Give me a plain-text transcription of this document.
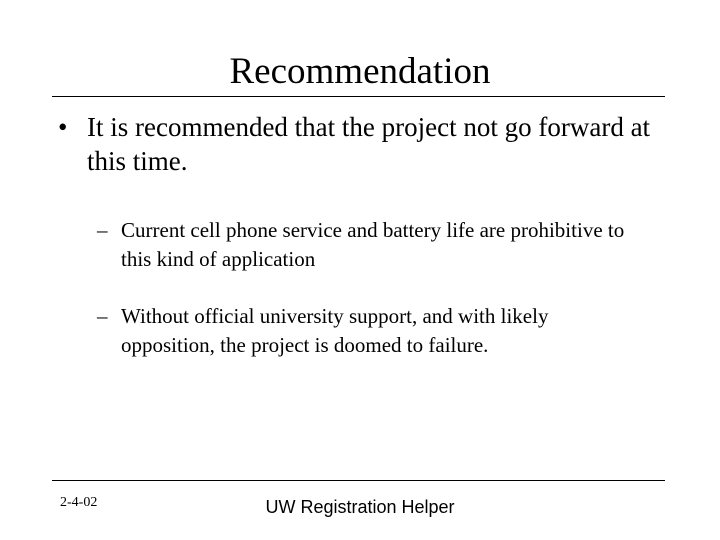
Recommendation
• It is recommended that the project not go forward at this time.
– Current cell phone service and battery life are prohibitive to this kind of application
– Without official university support, and with likely opposition, the project is doomed to failure.
2-4-02	UW Registration Helper
